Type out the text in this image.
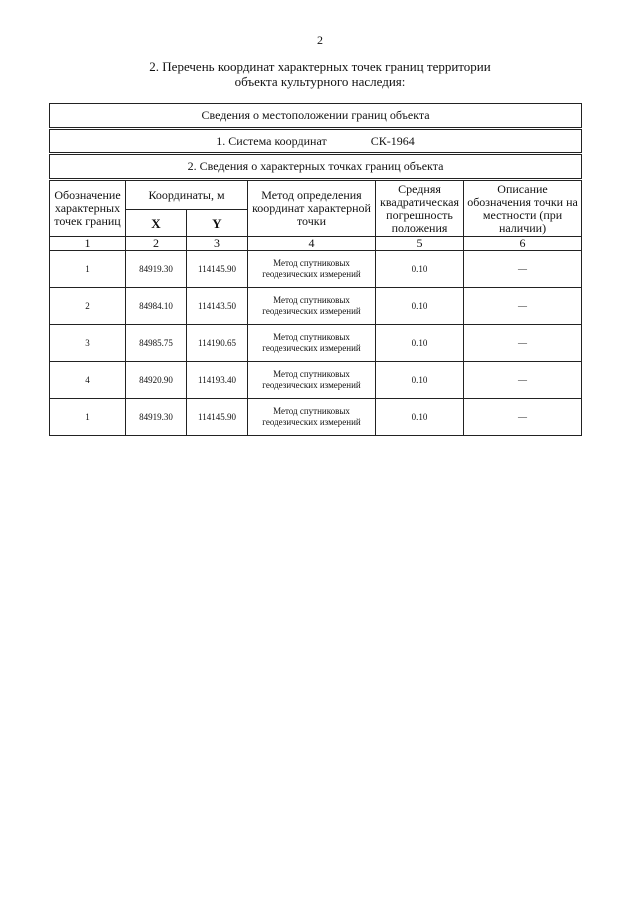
2
2. Перечень координат характерных точек границ территории
объекта культурного наследия:
Сведения о местоположении границ объекта					
1. Система координат СК-1964					
2. Сведения о характерных точках границ объекта					
Обозначение характерных точек границ	Координаты, м		Метод определения координат характерной точки	Средняя квадратическая погрешность положения	Описание обозначения точки на местности (при наличии)
	X	Y			
1	2	3	4	5	6
1	84919.30	114145.90	Метод спутниковых геодезических измерений	0.10	—
2	84984.10	114143.50	Метод спутниковых геодезических измерений	0.10	—
3	84985.75	114190.65	Метод спутниковых геодезических измерений	0.10	—
4	84920.90	114193.40	Метод спутниковых геодезических измерений	0.10	—
1	84919.30	114145.90	Метод спутниковых геодезических измерений	0.10	—
